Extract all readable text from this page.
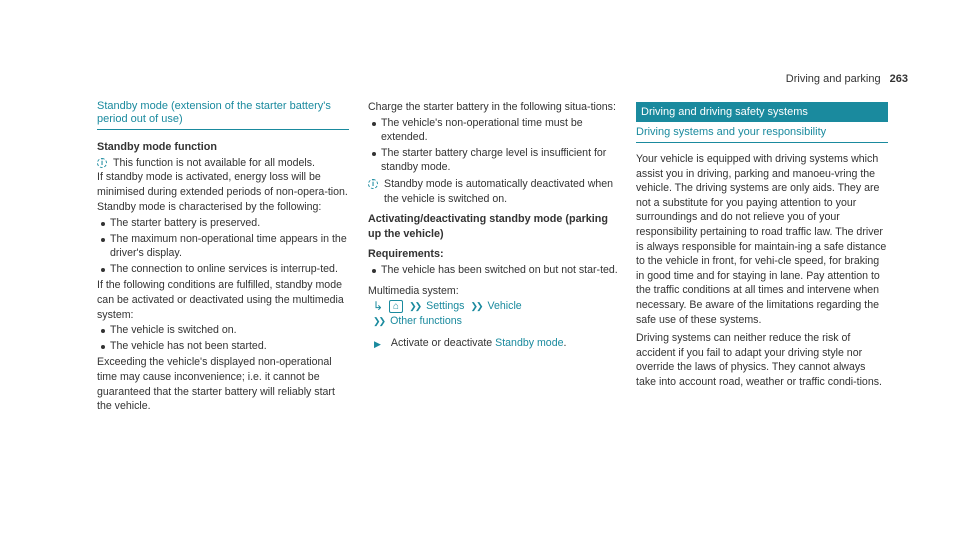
Driving and parking 263
Standby mode (extension of the starter battery's period out of use)
Standby mode function
i This function is not available for all models.

If standby mode is activated, energy loss will be minimised during extended periods of non-opera-tion.

Standby mode is characterised by the following:

The starter battery is preserved.
The maximum non-operational time appears in the driver's display.
The connection to online services is interrup-ted.

If the following conditions are fulfilled, standby mode can be activated or deactivated using the multimedia system:

The vehicle is switched on.
The vehicle has not been started.

Exceeding the vehicle's displayed non-operational time may cause inconvenience; i.e. it cannot be guaranteed that the starter battery will reliably start the vehicle.

Charge the starter battery in the following situa-tions:

The vehicle's non-operational time must be extended.
The starter battery charge level is insufficient for standby mode.
i Standby mode is automatically deactivated when the vehicle is switched on.
Activating/deactivating standby mode (parking up the vehicle)
Requirements:
The vehicle has been switched on but not star-ted.

Multimedia system:

↳ ⌂	❯❯ Settings ❯❯ Vehicle
❯❯ Other functions
▶ Activate or deactivate Standby mode.
Driving and driving safety systems
Driving systems and your responsibility

Your vehicle is equipped with driving systems which assist you in driving, parking and manoeu-vring the vehicle. The driving systems are only aids. They are not a substitute for you paying attention to your surroundings and do not relieve you of your responsibility pertaining to road traffic law. The driver is always responsible for maintain-ing a safe distance to the vehicle in front, for vehi-cle speed, for braking in good time and for staying in lane. Pay attention to the traffic conditions at all times and intervene when necessary. Be aware of the limitations regarding the safe use of these systems.

Driving systems can neither reduce the risk of accident if you fail to adapt your driving style nor override the laws of physics. They cannot always take into account road, weather or traffic condi-tions.
